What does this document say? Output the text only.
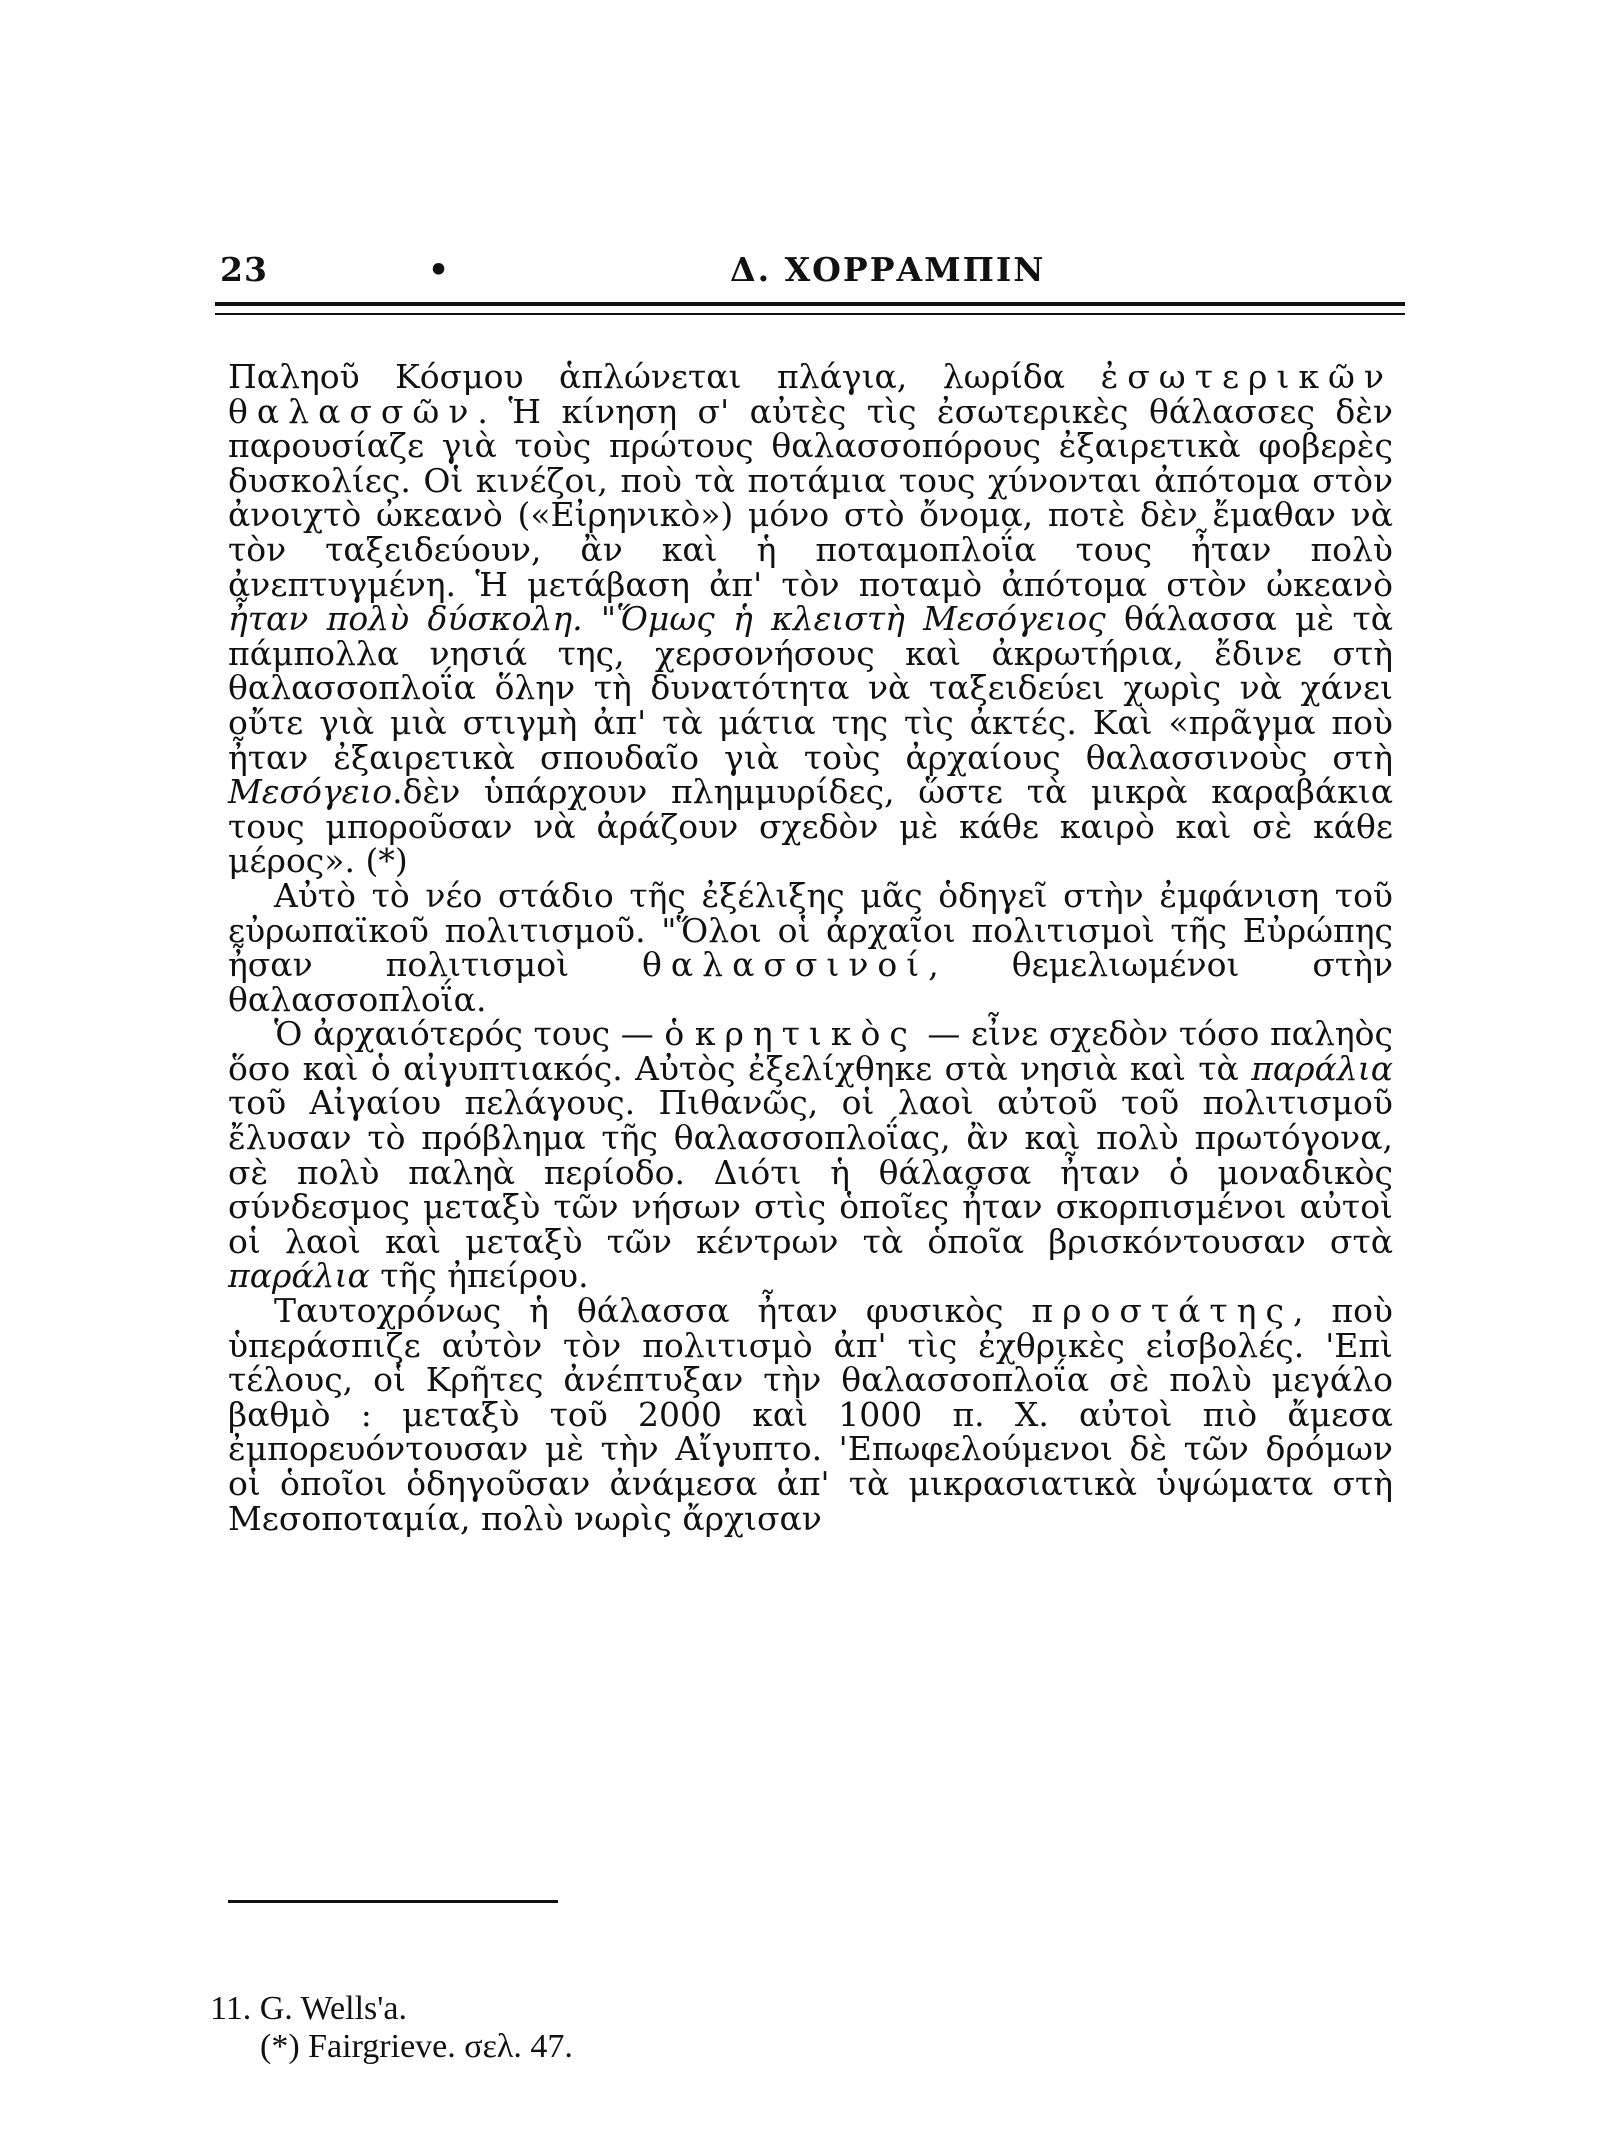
23	•	Δ. ΧΟΡΡΑΜΠΙΝ

Παληοῦ Κόσμου ἁπλώνεται πλάγια, λωρίδα ἐσωτερικῶν θαλασσῶν. Ἡ κίνηση σ' αὐτὲς τὶς ἐσωτερικὲς θάλασσες δὲν παρουσίαζε γιὰ τοὺς πρώτους θαλασσοπόρους ἐξαιρετικὰ φοβερὲς δυσκολίες. Οἱ κινέζοι, ποὺ τὰ ποτάμια τους χύνονται ἀπότομα στὸν ἀνοιχτὸ ὠκεανὸ («Εἰρηνικὸ») μόνο στὸ ὄνομα, ποτὲ δὲν ἔμαθαν νὰ τὸν ταξειδεύουν, ἂν καὶ ἡ ποταμοπλοΐα τους ἦταν πολὺ ἀνεπτυγμένη. Ἡ μετάβαση ἀπ' τὸν ποταμὸ ἀπότομα στὸν ὠκεανὸ ἦταν πολὺ δύσκολη. "Ὅμως ἡ κλειστὴ Μεσόγειος θάλασσα μὲ τὰ πάμπολλα νησιά της, χερσονήσους καὶ ἀκρωτήρια, ἔδινε στὴ θαλασσοπλοΐα ὅλην τὴ δυνατότητα νὰ ταξειδεύει χωρὶς νὰ χάνει οὔτε γιὰ μιὰ στιγμὴ ἀπ' τὰ μάτια της τὶς ἀκτές. Καὶ «πρᾶγμα ποὺ ἦταν ἐξαιρετικὰ σπουδαῖο γιὰ τοὺς ἀρχαίους θαλασσινοὺς στὴ Μεσόγειο.δὲν ὑπάρχουν πλημμυρίδες, ὥστε τὰ μικρὰ καραβάκια τους μποροῦσαν νὰ ἀράζουν σχεδὸν μὲ κάθε καιρὸ καὶ σὲ κάθε μέρος». (*)

Αὐτὸ τὸ νέο στάδιο τῆς ἐξέλιξης μᾶς ὁδηγεῖ στὴν ἐμφάνιση τοῦ εὐρωπαϊκοῦ πολιτισμοῦ. "Ὅλοι οἱ ἀρχαῖοι πολιτισμοὶ τῆς Εὐρώπης ἦσαν πολιτισμοὶ θαλασσινοί, θεμελιωμένοι στὴν θαλασσοπλοΐα.

Ὁ ἀρχαιότερός τους — ὁ κρητικὸς — εἶνε σχεδὸν τόσο παληὸς ὅσο καὶ ὁ αἰγυπτιακός. Αὐτὸς ἐξελίχθηκε στὰ νησιὰ καὶ τὰ παράλια τοῦ Αἰγαίου πελάγους. Πιθανῶς, οἱ λαοὶ αὐτοῦ τοῦ πολιτισμοῦ ἔλυσαν τὸ πρόβλημα τῆς θαλασσοπλοΐας, ἂν καὶ πολὺ πρωτόγονα, σὲ πολὺ παληὰ περίοδο. Διότι ἡ θάλασσα ἦταν ὁ μοναδικὸς σύνδεσμος μεταξὺ τῶν νήσων στὶς ὁποῖες ἦταν σκορπισμένοι αὐτοὶ οἱ λαοὶ καὶ μεταξὺ τῶν κέντρων τὰ ὁποῖα βρισκόντουσαν στὰ παράλια τῆς ἠπείρου.

Ταυτοχρόνως ἡ θάλασσα ἦταν φυσικὸς προστάτης, ποὺ ὑπεράσπιζε αὐτὸν τὸν πολιτισμὸ ἀπ' τὶς ἐχθρικὲς εἰσβολές. 'Επὶ τέλους, οἱ Κρῆτες ἀνέπτυξαν τὴν θαλασσοπλοΐα σὲ πολὺ μεγάλο βαθμὸ : μεταξὺ τοῦ 2000 καὶ 1000 π. Χ. αὐτοὶ πιὸ ἄμεσα ἐμπορευόντουσαν μὲ τὴν Αἴγυπτο. 'Επωφελούμενοι δὲ τῶν δρόμων οἱ ὁποῖοι ὁδηγοῦσαν ἀνάμεσα ἀπ' τὰ μικρασιατικὰ ὑψώματα στὴ Μεσοποταμία, πολὺ νωρὶς ἄρχισαν

11. G. Wells'a.
(*) Fairgrieve. σελ. 47.
